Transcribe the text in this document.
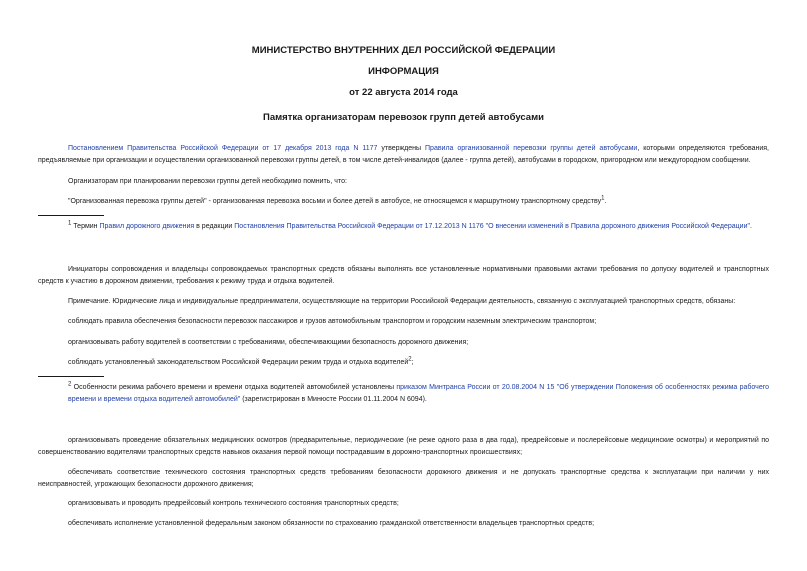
МИНИСТЕРСТВО ВНУТРЕННИХ ДЕЛ РОССИЙСКОЙ ФЕДЕРАЦИИ
ИНФОРМАЦИЯ
от 22 августа 2014 года
Памятка организаторам перевозок групп детей автобусами
Постановлением Правительства Российской Федерации от 17 декабря 2013 года N 1177 утверждены Правила организованной перевозки группы детей автобусами, которыми определяются требования, предъявляемые при организации и осуществлении организованной перевозки группы детей, в том числе детей-инвалидов (далее - группа детей), автобусами в городском, пригородном или междугородном сообщении.
Организаторам при планировании перевозки группы детей необходимо помнить, что:
"Организованная перевозка группы детей" - организованная перевозка восьми и более детей в автобусе, не относящемся к маршрутному транспортному средству1.
1 Термин Правил дорожного движения в редакции Постановления Правительства Российской Федерации от 17.12.2013 N 1176 "О внесении изменений в Правила дорожного движения Российской Федерации".
Инициаторы сопровождения и владельцы сопровождаемых транспортных средств обязаны выполнять все установленные нормативными правовыми актами требования по допуску водителей и транспортных средств к участию в дорожном движении, требования к режиму труда и отдыха водителей.
Примечание. Юридические лица и индивидуальные предприниматели, осуществляющие на территории Российской Федерации деятельность, связанную с эксплуатацией транспортных средств, обязаны:
соблюдать правила обеспечения безопасности перевозок пассажиров и грузов автомобильным транспортом и городским наземным электрическим транспортом;
организовывать работу водителей в соответствии с требованиями, обеспечивающими безопасность дорожного движения;
соблюдать установленный законодательством Российской Федерации режим труда и отдыха водителей2;
2 Особенности режима рабочего времени и времени отдыха водителей автомобилей установлены приказом Минтранса России от 20.08.2004 N 15 "Об утверждении Положения об особенностях режима рабочего времени и времени отдыха водителей автомобилей" (зарегистрирован в Минюсте России 01.11.2004 N 6094).
организовывать проведение обязательных медицинских осмотров (предварительные, периодические (не реже одного раза в два года), предрейсовые и послерейсовые медицинские осмотры) и мероприятий по совершенствованию водителями транспортных средств навыков оказания первой помощи пострадавшим в дорожно-транспортных происшествиях;
обеспечивать соответствие технического состояния транспортных средств требованиям безопасности дорожного движения и не допускать транспортные средства к эксплуатации при наличии у них неисправностей, угрожающих безопасности дорожного движения;
организовывать и проводить предрейсовый контроль технического состояния транспортных средств;
обеспечивать исполнение установленной федеральным законом обязанности по страхованию гражданской ответственности владельцев транспортных средств;
